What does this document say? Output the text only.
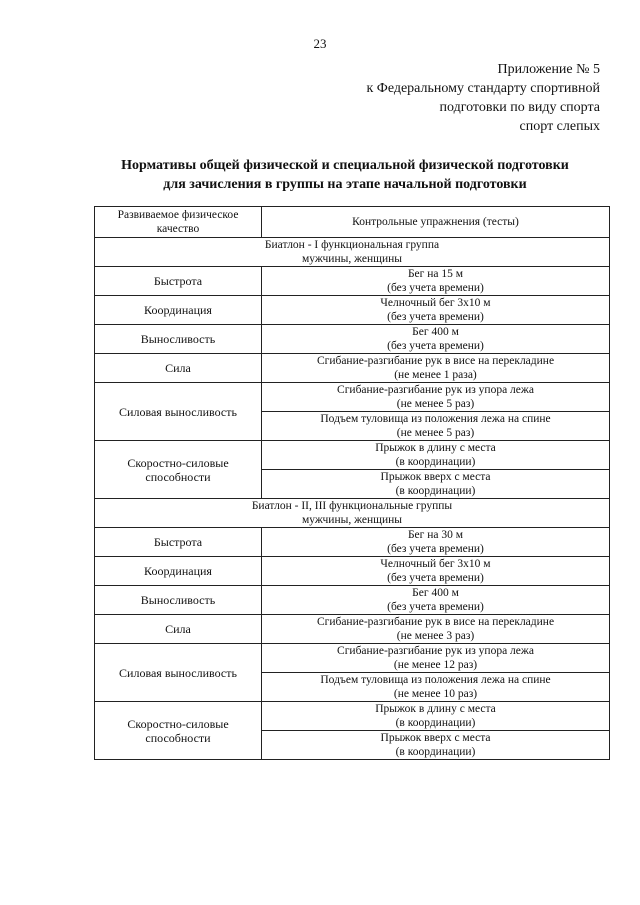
23
Приложение № 5
к Федеральному стандарту спортивной
подготовки по виду спорта
спорт слепых
Нормативы общей физической и специальной физической подготовки
для зачисления в группы на этапе начальной подготовки
Развиваемое физическое
качество	Контрольные упражнения (тесты)

Биатлон - I функциональная группа
мужчины, женщины	

Быстрота	Бег на 15 м
(без учета времени)

Координация	Челночный бег 3х10 м
(без учета времени)

Выносливость	Бег 400 м
(без учета времени)

Сила	Сгибание-разгибание рук в висе на перекладине
(не менее 1 раза)

Силовая выносливость	Сгибание-разгибание рук из упора лежа
(не менее 5 раз)

	Подъем туловища из положения лежа на спине
(не менее 5 раз)

Скоростно-силовые
способности	Прыжок в длину с места
(в координации)

	Прыжок вверх с места
(в координации)

Биатлон - II, III функциональные группы
мужчины, женщины	

Быстрота	Бег на 30 м
(без учета времени)

Координация	Челночный бег 3х10 м
(без учета времени)

Выносливость	Бег 400 м
(без учета времени)

Сила	Сгибание-разгибание рук в висе на перекладине
(не менее 3 раз)

Силовая выносливость	Сгибание-разгибание рук из упора лежа
(не менее 12 раз)

	Подъем туловища из положения лежа на спине
(не менее 10 раз)

Скоростно-силовые
способности	Прыжок в длину с места
(в координации)

	Прыжок вверх с места
(в координации)
